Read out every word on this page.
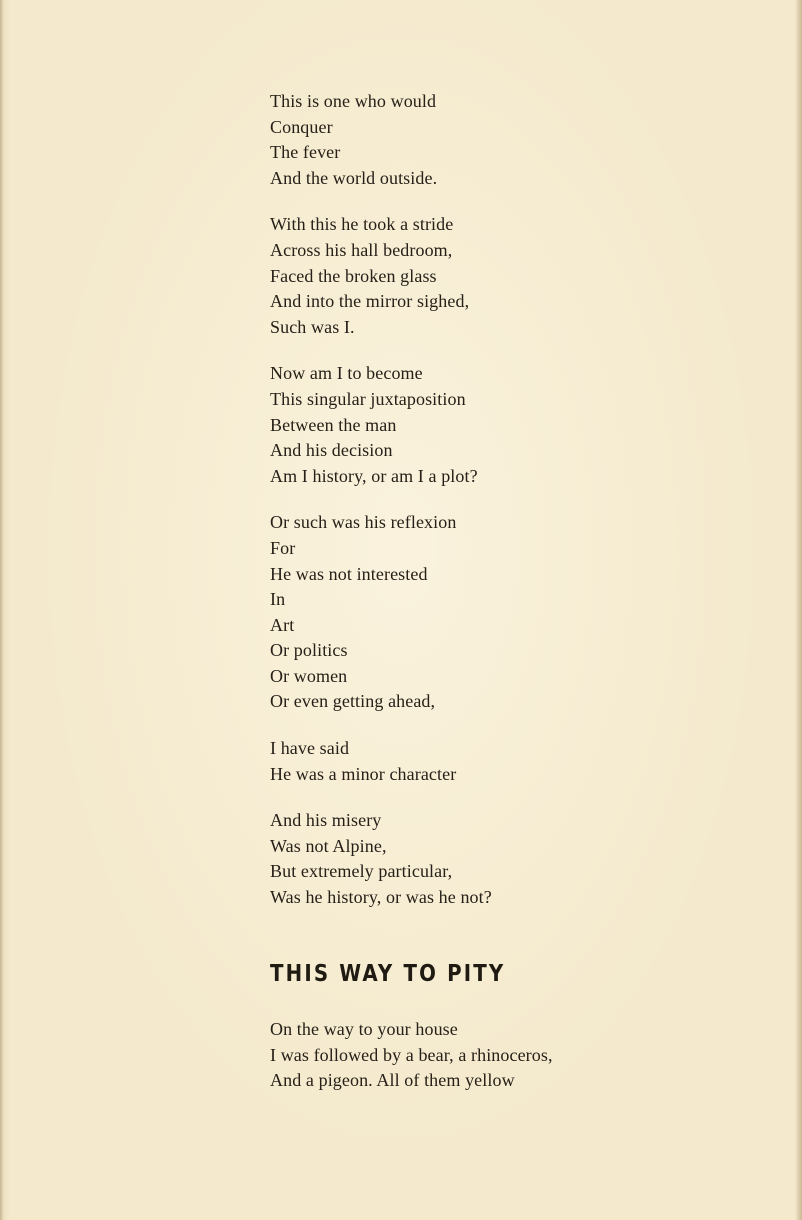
This is one who would
Conquer
The fever
And the world outside.
With this he took a stride
Across his hall bedroom,
Faced the broken glass
And into the mirror sighed,
Such was I.
Now am I to become
This singular juxtaposition
Between the man
And his decision
Am I history, or am I a plot?
Or such was his reflexion
For
He was not interested
In
Art
Or politics
Or women
Or even getting ahead,
I have said
He was a minor character
And his misery
Was not Alpine,
But extremely particular,
Was he history, or was he not?
THIS WAY TO PITY
On the way to your house
I was followed by a bear, a rhinoceros,
And a pigeon. All of them yellow
